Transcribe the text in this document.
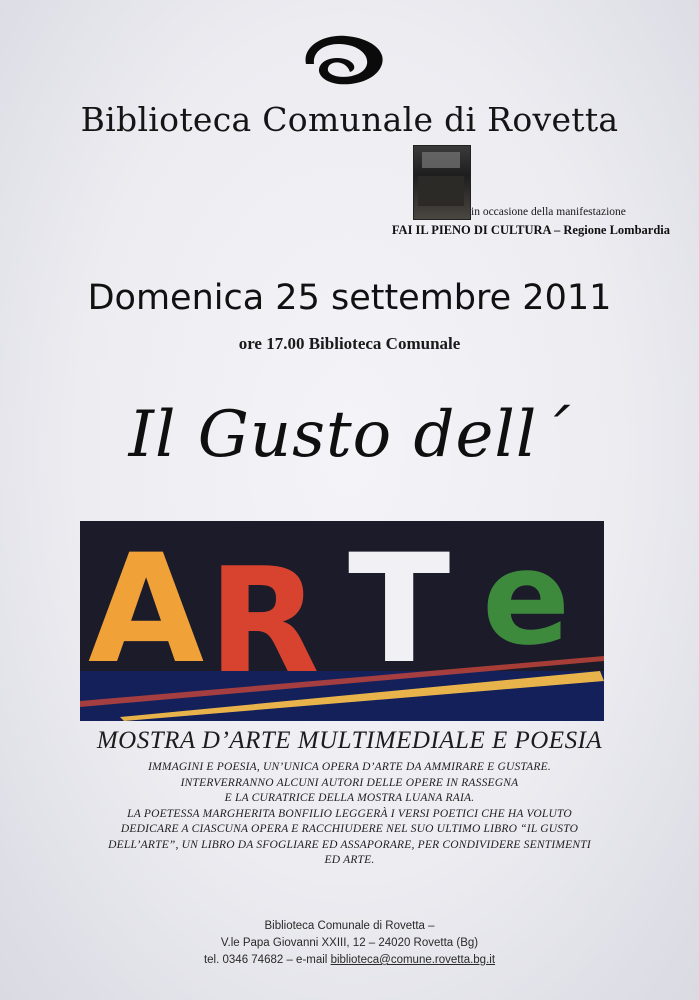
Biblioteca Comunale di Rovetta
in occasione della manifestazione
FAI IL PIENO DI CULTURA – Regione Lombardia
Domenica 25 settembre 2011
ore 17.00 Biblioteca Comunale
Il Gusto dell´
A R T e
MOSTRA D’ARTE MULTIMEDIALE E POESIA
IMMAGINI E POESIA, UN’UNICA OPERA D’ARTE DA AMMIRARE E GUSTARE.
INTERVERRANNO ALCUNI AUTORI DELLE OPERE IN RASSEGNA
E LA CURATRICE DELLA MOSTRA LUANA RAIA.
LA POETESSA MARGHERITA BONFILIO LEGGERÀ I VERSI POETICI CHE HA VOLUTO
DEDICARE A CIASCUNA OPERA E RACCHIUDERE NEL SUO ULTIMO LIBRO “IL GUSTO
DELL’ARTE”, UN LIBRO DA SFOGLIARE ED ASSAPORARE, PER CONDIVIDERE SENTIMENTI
ED ARTE.
Biblioteca Comunale di Rovetta –
V.le Papa Giovanni XXIII, 12 – 24020 Rovetta (Bg)
tel. 0346 74682 – e-mail biblioteca@comune.rovetta.bg.it
